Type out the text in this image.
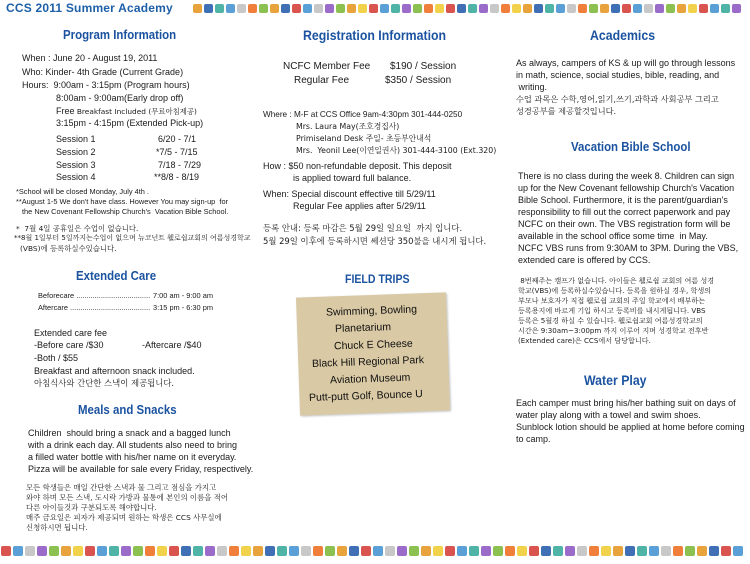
CCS 2011 Summer Academy
Program Information
When : June 20 - August 19, 2011
Who: Kinder- 4th Grade (Current Grade)
Hours:  9:00am - 3:15pm (Program hours)
8:00am - 9:00am(Early drop off)
Free Breakfast Included (무료아침제공)
3:15pm - 4:15pm (Extended Pick-up)
Session 1	6/20 - 7/1
Session 2	*7/5 - 7/15
Session 3	7/18 - 7/29
Session 4	**8/8 - 8/19
*School will be closed Monday, July 4th .
**August 1-5 We don't have class. However You may sign-up  for
the New Covenant Fellowship Church's  Vacation Bible School.
*  7월 4일 공휴일은 수업이 없습니다.
**8월 1일부터 5일까지는수업이 없으며 뉴코넌트 휄로쉽교회의 여름성경학교
(VBS)에 등록하실수있습니다.
Extended Care
Beforecare .................................... 7:00 am - 9:00 am
Aftercare ....................................... 3:15 pm - 6:30 pm
Extended care fee
-Before care /$30	-Aftercare /$40
-Both / $55
Breakfast and afternoon snack included.
아침식사와 간단한 스낵이 제공됩니다.
Meals and Snacks
Children  should bring a snack and a bagged lunch
with a drink each day. All students also need to bring
a filled water bottle with his/her name on it everyday.
Pizza will be available for sale every Friday, respectively.
모든 학생들은 매일 간단한 스낵과 물 그리고 점심을 가지고
와야 하며 모든 스낵, 도시락 가방과 물통에 본인의 이름을 적어
다른 아이들것과 구분되도록 해야합니다.
매주 금요일은 피자가 제공되며 원하는 학생은 CCS 사무실에
신청하시면 됩니다.
Registration Information
NCFC Member Fee $190 / Session
Regular Fee	$350 / Session
Where : M-F at CCS Office 9am-4:30pm 301-444-0250
Mrs. Laura May(조호경집사)
Primiseland Desk 주일- 초등부안내석
Mrs.  Yeonil Lee(이연일권사) 301-444-3100 (Ext.320)
How : $50 non-refundable deposit. This deposit
is applied toward full balance.
When: Special discount effective till 5/29/11
Regular Fee applies after 5/29/11
등록 안내: 등록 마감은 5월 29일 일요일  까지 입니다.
5월 29일 이후에 등록하시면 쎄션당 350불을 내시게 됩니다.
FIELD TRIPS
Swimming, Bowling
Planetarium
Chuck E Cheese
Black Hill Regional Park
Aviation Museum
Putt-putt Golf, Bounce U
Academics
As always, campers of KS & up will go through lessons
in math, science, social studies, bible, reading, and
writing.
수업 과목은 수학,영어,읽기,쓰기,과학과 사회공부 그리고
성경공부를 제공할것입니다.
Vacation Bible School
There is no class during the week 8. Children can sign
up for the New Covenant fellowship Church's Vacation
Bible School. Furthermore, it is the parent/guardian's
responsibility to fill out the correct paperwork and pay
NCFC on their own. The VBS registration form will be
available in the school office some time  in May.
NCFC VBS runs from 9:30AM to 3PM. During the VBS,
extended care is offered by CCS.
8번째주는 캠프가 없습니다. 아이들은 휄로쉽 교회의 여름 성경
학교(VBS)에 등록하실수있습니다. 등록을 원하실 경우, 학생의
부모나 보호자가 직접 휄로쉽 교회의 주일 학교에서 배부하는
등록용지에 바르게 기입 하시고 등록비를 내시게됩니다. VBS
등록은 5월경 하실 수 있습니다. 휄로쉽교회 여름성경학교의
시간은 9:30am~3:00pm 까지 이루어 지며 성경학교 전후반
(Extended care)은 CCS에서 담당합니다.
Water Play
Each camper must bring his/her bathing suit on days of
water play along with a towel and swim shoes.
Sunblock lotion should be applied at home before coming
to camp.
